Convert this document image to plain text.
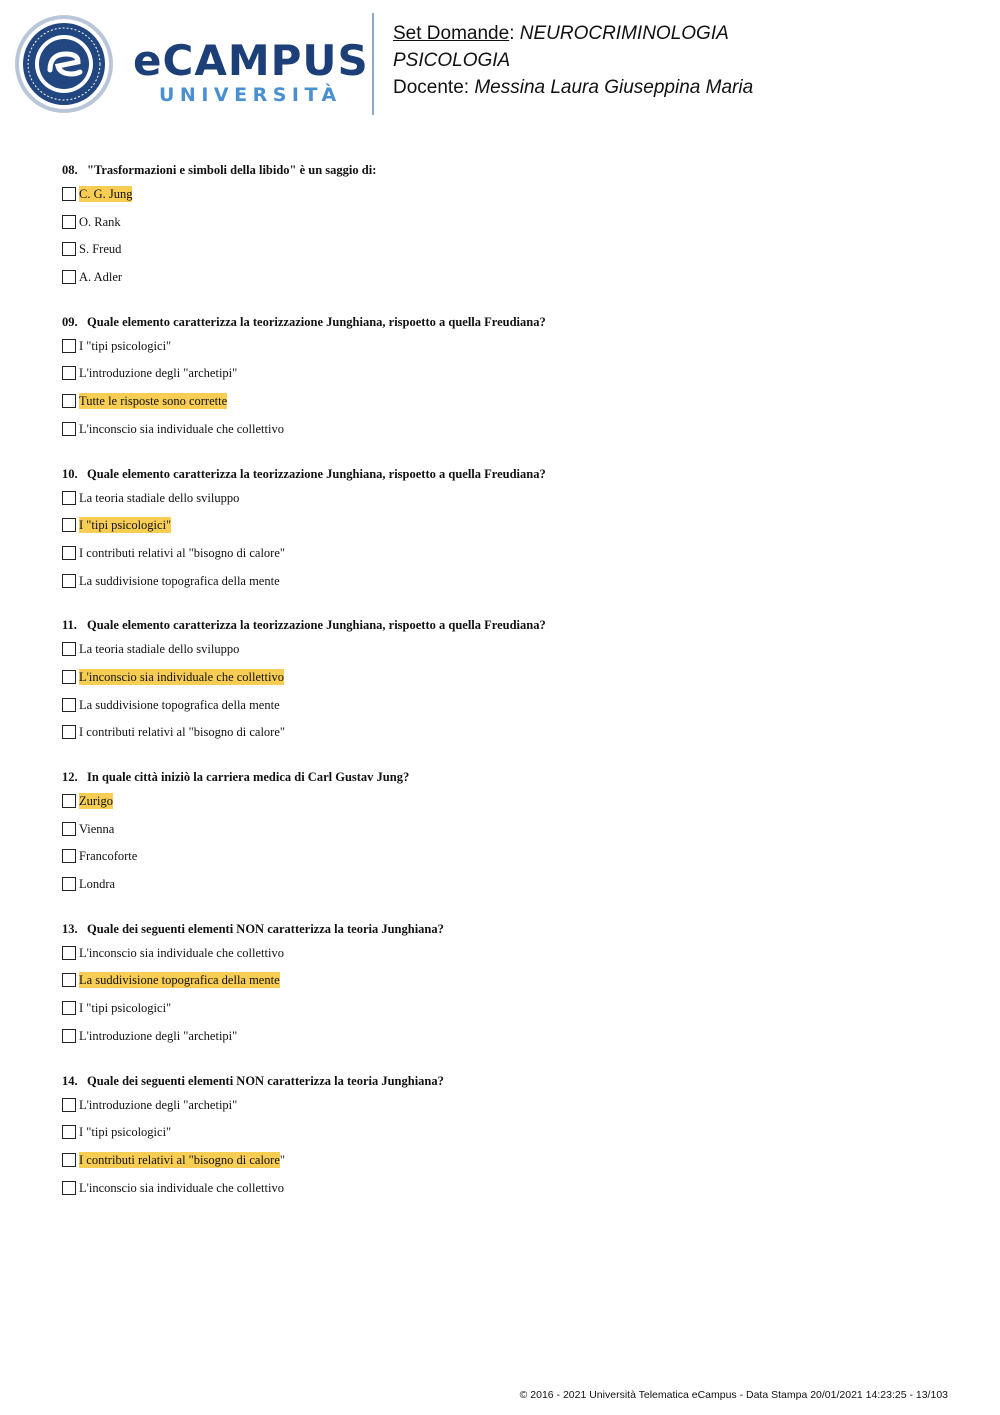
eCAMPUS
UNIVERSITÀ
Set Domande: NEUROCRIMINOLOGIA
PSICOLOGIA
Docente: Messina Laura Giuseppina Maria
08. "Trasformazioni e simboli della libido" è un saggio di:
C. G. Jung
O. Rank
S. Freud
A. Adler
09. Quale elemento caratterizza la teorizzazione Junghiana, rispoetto a quella Freudiana?
I "tipi psicologici"
L'introduzione degli "archetipi"
Tutte le risposte sono corrette
L'inconscio sia individuale che collettivo
10. Quale elemento caratterizza la teorizzazione Junghiana, rispoetto a quella Freudiana?
La teoria stadiale dello sviluppo
I "tipi psicologici"
I contributi relativi al "bisogno di calore"
La suddivisione topografica della mente
11. Quale elemento caratterizza la teorizzazione Junghiana, rispoetto a quella Freudiana?
La teoria stadiale dello sviluppo
L'inconscio sia individuale che collettivo
La suddivisione topografica della mente
I contributi relativi al "bisogno di calore"
12. In quale città iniziò la carriera medica di Carl Gustav Jung?
Zurigo
Vienna
Francoforte
Londra
13. Quale dei seguenti elementi NON caratterizza la teoria Junghiana?
L'inconscio sia individuale che collettivo
La suddivisione topografica della mente
I "tipi psicologici"
L'introduzione degli "archetipi"
14. Quale dei seguenti elementi NON caratterizza la teoria Junghiana?
L'introduzione degli "archetipi"
I "tipi psicologici"
I contributi relativi al "bisogno di calore "
L'inconscio sia individuale che collettivo
© 2016 - 2021 Università Telematica eCampus - Data Stampa 20/01/2021 14:23:25 - 13/103
